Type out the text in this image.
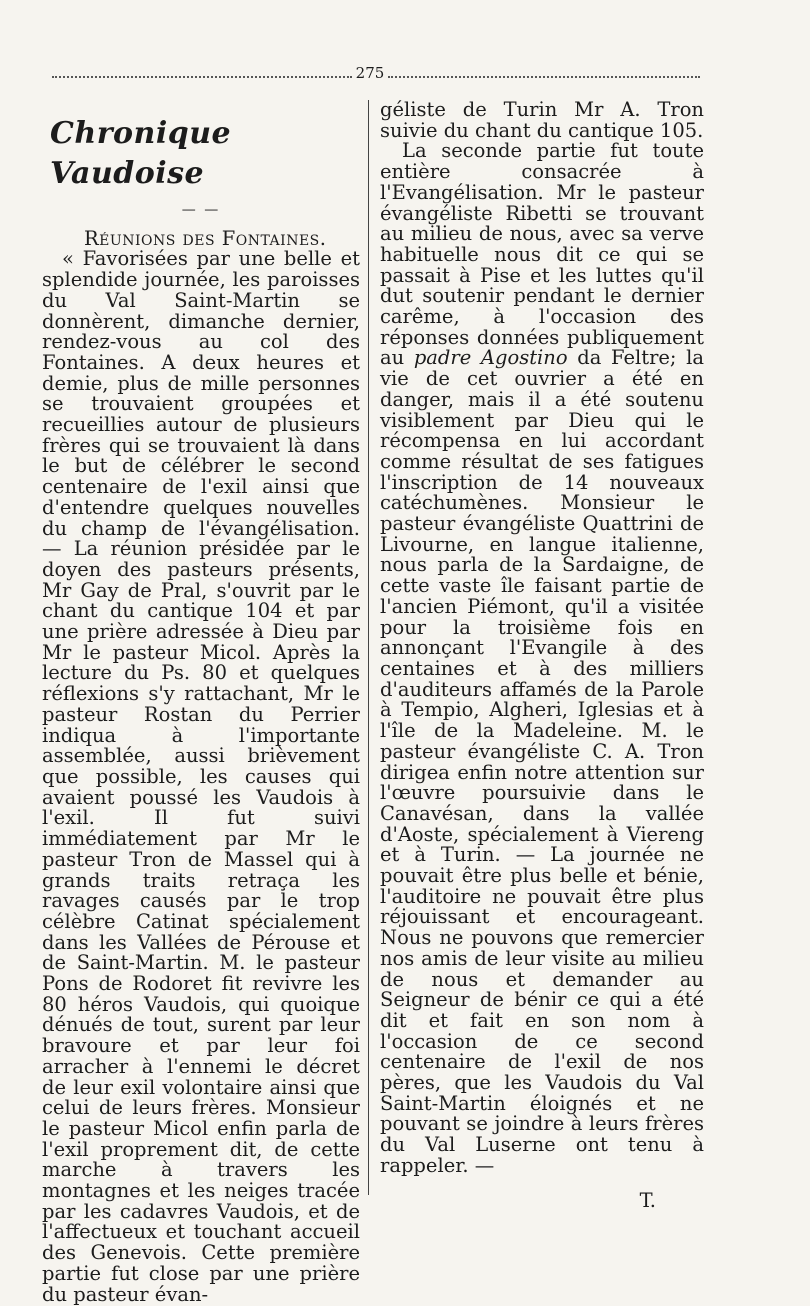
275
Chronique Vaudoise
— —

Réunions des Fontaines.

« Favorisées par une belle et splendide journée, les paroisses du Val Saint-Martin se donnèrent, dimanche dernier, rendez-vous au col des Fontaines. A deux heures et demie, plus de mille personnes se trouvaient groupées et recueillies autour de plusieurs frères qui se trouvaient là dans le but de célébrer le second centenaire de l'exil ainsi que d'entendre quelques nouvelles du champ de l'évangélisation. — La réunion présidée par le doyen des pasteurs présents, Mr Gay de Pral, s'ouvrit par le chant du cantique 104 et par une prière adressée à Dieu par Mr le pasteur Micol. Après la lecture du Ps. 80 et quelques réflexions s'y rattachant, Mr le pasteur Rostan du Perrier indiqua à l'importante assemblée, aussi brièvement que possible, les causes qui avaient poussé les Vaudois à l'exil. Il fut suivi immédiatement par Mr le pasteur Tron de Massel qui à grands traits retraça les ravages causés par le trop célèbre Catinat spécialement dans les Vallées de Pérouse et de Saint-Martin. M. le pasteur Pons de Rodoret fit revivre les 80 héros Vaudois, qui quoique dénués de tout, surent par leur bravoure et par leur foi arracher à l'ennemi le décret de leur exil volontaire ainsi que celui de leurs frères. Monsieur le pasteur Micol enfin parla de l'exil proprement dit, de cette marche à travers les montagnes et les neiges tracée par les cadavres Vaudois, et de l'affectueux et touchant accueil des Genevois. Cette première partie fut close par une prière du pasteur évan-

géliste de Turin Mr A. Tron suivie du chant du cantique 105.

La seconde partie fut toute entière consacrée à l'Evangélisation. Mr le pasteur évangéliste Ribetti se trouvant au milieu de nous, avec sa verve habituelle nous dit ce qui se passait à Pise et les luttes qu'il dut soutenir pendant le dernier carême, à l'occasion des réponses données publiquement au padre Agostino da Feltre; la vie de cet ouvrier a été en danger, mais il a été soutenu visiblement par Dieu qui le récompensa en lui accordant comme résultat de ses fatigues l'inscription de 14 nouveaux catéchumènes. Monsieur le pasteur évangéliste Quattrini de Livourne, en langue italienne, nous parla de la Sardaigne, de cette vaste île faisant partie de l'ancien Piémont, qu'il a visitée pour la troisième fois en annonçant l'Evangile à des centaines et à des milliers d'auditeurs affamés de la Parole à Tempio, Algheri, Iglesias et à l'île de la Madeleine. M. le pasteur évangéliste C. A. Tron dirigea enfin notre attention sur l'œuvre poursuivie dans le Canavésan, dans la vallée d'Aoste, spécialement à Viereng et à Turin. — La journée ne pouvait être plus belle et bénie, l'auditoire ne pouvait être plus réjouissant et encourageant. Nous ne pouvons que remercier nos amis de leur visite au milieu de nous et demander au Seigneur de bénir ce qui a été dit et fait en son nom à l'occasion de ce second centenaire de l'exil de nos pères, que les Vaudois du Val Saint-Martin éloignés et ne pouvant se joindre à leurs frères du Val Luserne ont tenu à rappeler. —

T.
